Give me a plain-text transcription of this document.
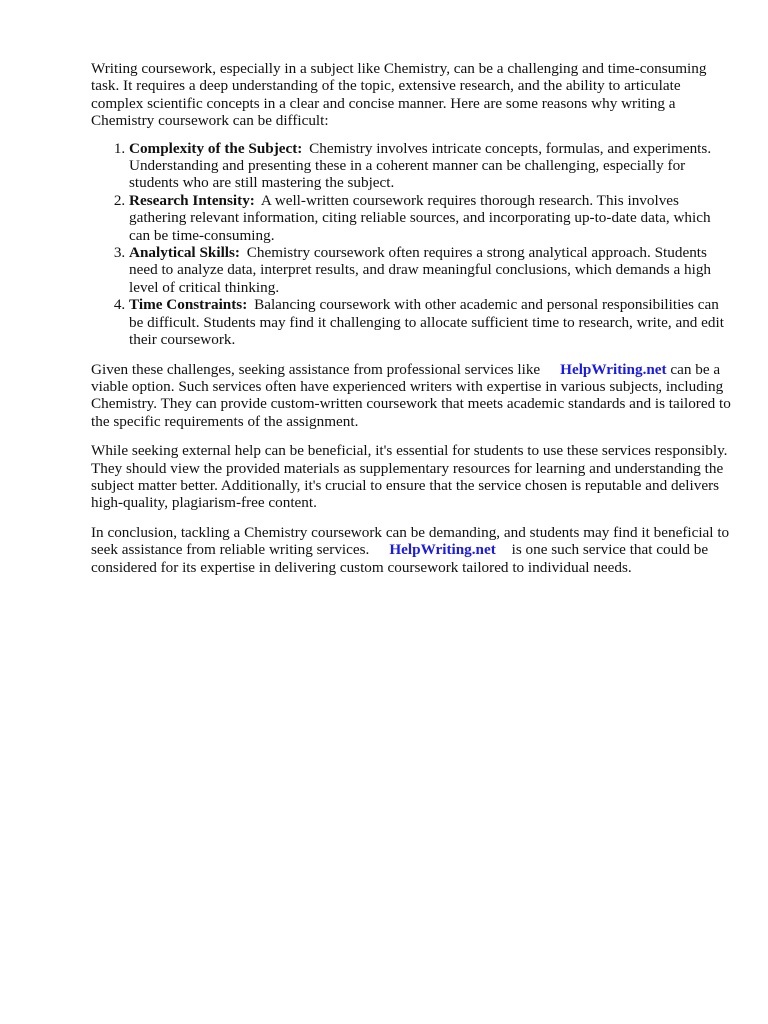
Writing coursework, especially in a subject like Chemistry, can be a challenging and time-consuming task. It requires a deep understanding of the topic, extensive research, and the ability to articulate complex scientific concepts in a clear and concise manner. Here are some reasons why writing a Chemistry coursework can be difficult:

1. Complexity of the Subject: Chemistry involves intricate concepts, formulas, and experiments. Understanding and presenting these in a coherent manner can be challenging, especially for students who are still mastering the subject.
2. Research Intensity: A well-written coursework requires thorough research. This involves gathering relevant information, citing reliable sources, and incorporating up-to-date data, which can be time-consuming.
3. Analytical Skills: Chemistry coursework often requires a strong analytical approach. Students need to analyze data, interpret results, and draw meaningful conclusions, which demands a high level of critical thinking.
4. Time Constraints: Balancing coursework with other academic and personal responsibilities can be difficult. Students may find it challenging to allocate sufficient time to research, write, and edit their coursework.

Given these challenges, seeking assistance from professional services like HelpWriting.net can be a viable option. Such services often have experienced writers with expertise in various subjects, including Chemistry. They can provide custom-written coursework that meets academic standards and is tailored to the specific requirements of the assignment.

While seeking external help can be beneficial, it's essential for students to use these services responsibly. They should view the provided materials as supplementary resources for learning and understanding the subject matter better. Additionally, it's crucial to ensure that the service chosen is reputable and delivers high-quality, plagiarism-free content.

In conclusion, tackling a Chemistry coursework can be demanding, and students may find it beneficial to seek assistance from reliable writing services. HelpWriting.net is one such service that could be considered for its expertise in delivering custom coursework tailored to individual needs.
